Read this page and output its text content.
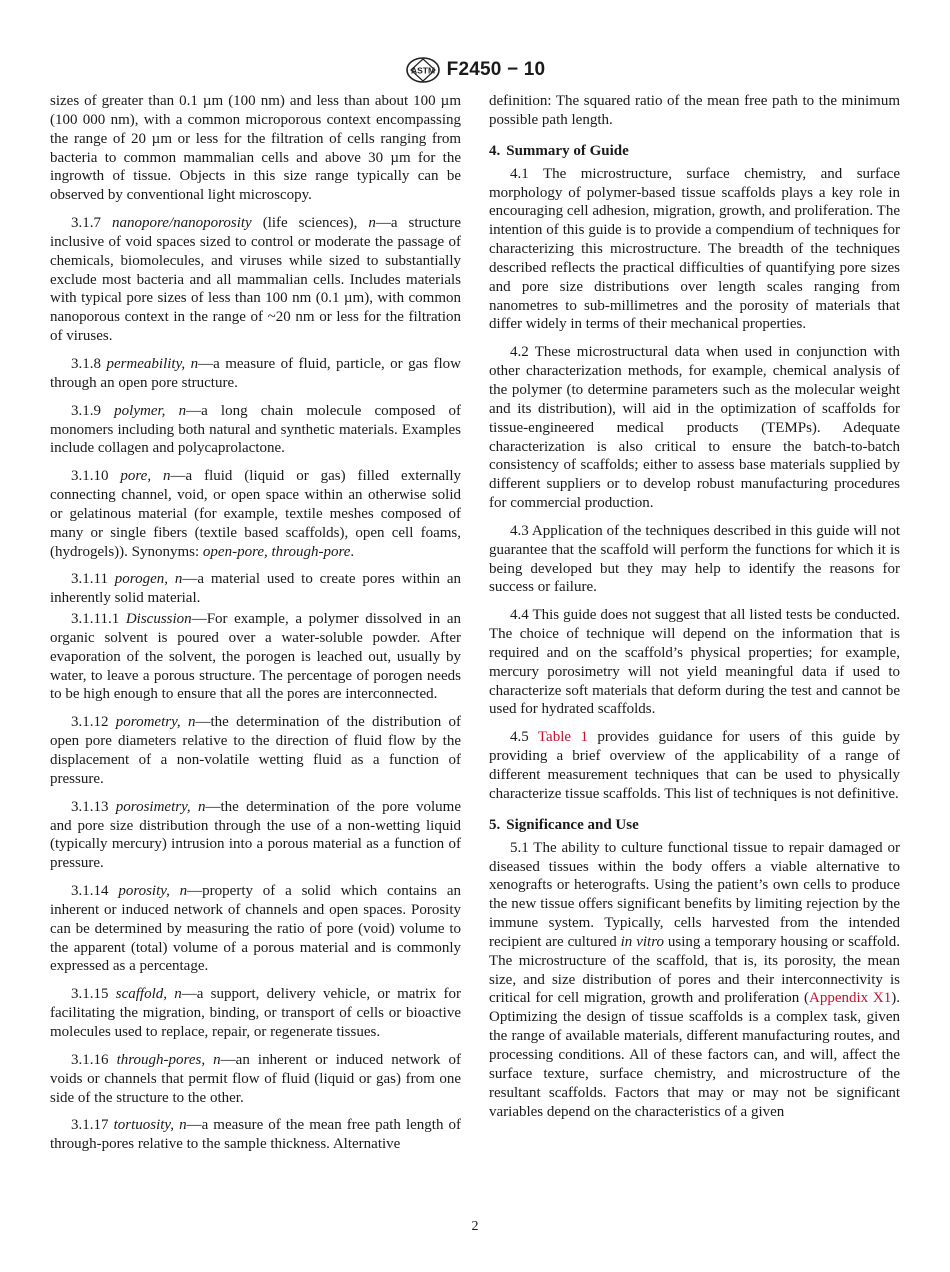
ASTM F2450 − 10

sizes of greater than 0.1 µm (100 nm) and less than about 100 µm (100 000 nm), with a common microporous context encompassing the range of 20 µm or less for the filtration of cells ranging from bacteria to common mammalian cells and above 30 µm for the ingrowth of tissue. Objects in this size range typically can be observed by conventional light microscopy.

3.1.7 nanopore/nanoporosity (life sciences), n—a structure inclusive of void spaces sized to control or moderate the passage of chemicals, biomolecules, and viruses while sized to substantially exclude most bacteria and all mammalian cells. Includes materials with typical pore sizes of less than 100 nm (0.1 µm), with common nanoporous context in the range of ~20 nm or less for the filtration of viruses.

3.1.8 permeability, n—a measure of fluid, particle, or gas flow through an open pore structure.

3.1.9 polymer, n—a long chain molecule composed of monomers including both natural and synthetic materials. Examples include collagen and polycaprolactone.

3.1.10 pore, n—a fluid (liquid or gas) filled externally connecting channel, void, or open space within an otherwise solid or gelatinous material (for example, textile meshes composed of many or single fibers (textile based scaffolds), open cell foams, (hydrogels)). Synonyms: open-pore, through-pore.

3.1.11 porogen, n—a material used to create pores within an inherently solid material.

3.1.11.1 Discussion—For example, a polymer dissolved in an organic solvent is poured over a water-soluble powder. After evaporation of the solvent, the porogen is leached out, usually by water, to leave a porous structure. The percentage of porogen needs to be high enough to ensure that all the pores are interconnected.

3.1.12 porometry, n—the determination of the distribution of open pore diameters relative to the direction of fluid flow by the displacement of a non-volatile wetting fluid as a function of pressure.

3.1.13 porosimetry, n—the determination of the pore volume and pore size distribution through the use of a non-wetting liquid (typically mercury) intrusion into a porous material as a function of pressure.

3.1.14 porosity, n—property of a solid which contains an inherent or induced network of channels and open spaces. Porosity can be determined by measuring the ratio of pore (void) volume to the apparent (total) volume of a porous material and is commonly expressed as a percentage.

3.1.15 scaffold, n—a support, delivery vehicle, or matrix for facilitating the migration, binding, or transport of cells or bioactive molecules used to replace, repair, or regenerate tissues.

3.1.16 through-pores, n—an inherent or induced network of voids or channels that permit flow of fluid (liquid or gas) from one side of the structure to the other.

3.1.17 tortuosity, n—a measure of the mean free path length of through-pores relative to the sample thickness. Alternative

definition: The squared ratio of the mean free path to the minimum possible path length.

4. Summary of Guide

4.1 The microstructure, surface chemistry, and surface morphology of polymer-based tissue scaffolds plays a key role in encouraging cell adhesion, migration, growth, and proliferation. The intention of this guide is to provide a compendium of techniques for characterizing this microstructure. The breadth of the techniques described reflects the practical difficulties of quantifying pore sizes and pore size distributions over length scales ranging from nanometres to sub-millimetres and the porosity of materials that differ widely in terms of their mechanical properties.

4.2 These microstructural data when used in conjunction with other characterization methods, for example, chemical analysis of the polymer (to determine parameters such as the molecular weight and its distribution), will aid in the optimization of scaffolds for tissue-engineered medical products (TEMPs). Adequate characterization is also critical to ensure the batch-to-batch consistency of scaffolds; either to assess base materials supplied by different suppliers or to develop robust manufacturing procedures for commercial production.

4.3 Application of the techniques described in this guide will not guarantee that the scaffold will perform the functions for which it is being developed but they may help to identify the reasons for success or failure.

4.4 This guide does not suggest that all listed tests be conducted. The choice of technique will depend on the information that is required and on the scaffold’s physical properties; for example, mercury porosimetry will not yield meaningful data if used to characterize soft materials that deform during the test and cannot be used for hydrated scaffolds.

4.5 Table 1 provides guidance for users of this guide by providing a brief overview of the applicability of a range of different measurement techniques that can be used to physically characterize tissue scaffolds. This list of techniques is not definitive.

5. Significance and Use

5.1 The ability to culture functional tissue to repair damaged or diseased tissues within the body offers a viable alternative to xenografts or heterografts. Using the patient’s own cells to produce the new tissue offers significant benefits by limiting rejection by the immune system. Typically, cells harvested from the intended recipient are cultured in vitro using a temporary housing or scaffold. The microstructure of the scaffold, that is, its porosity, the mean size, and size distribution of pores and their interconnectivity is critical for cell migration, growth and proliferation (Appendix X1). Optimizing the design of tissue scaffolds is a complex task, given the range of available materials, different manufacturing routes, and processing conditions. All of these factors can, and will, affect the surface texture, surface chemistry, and microstructure of the resultant scaffolds. Factors that may or may not be significant variables depend on the characteristics of a given

2
